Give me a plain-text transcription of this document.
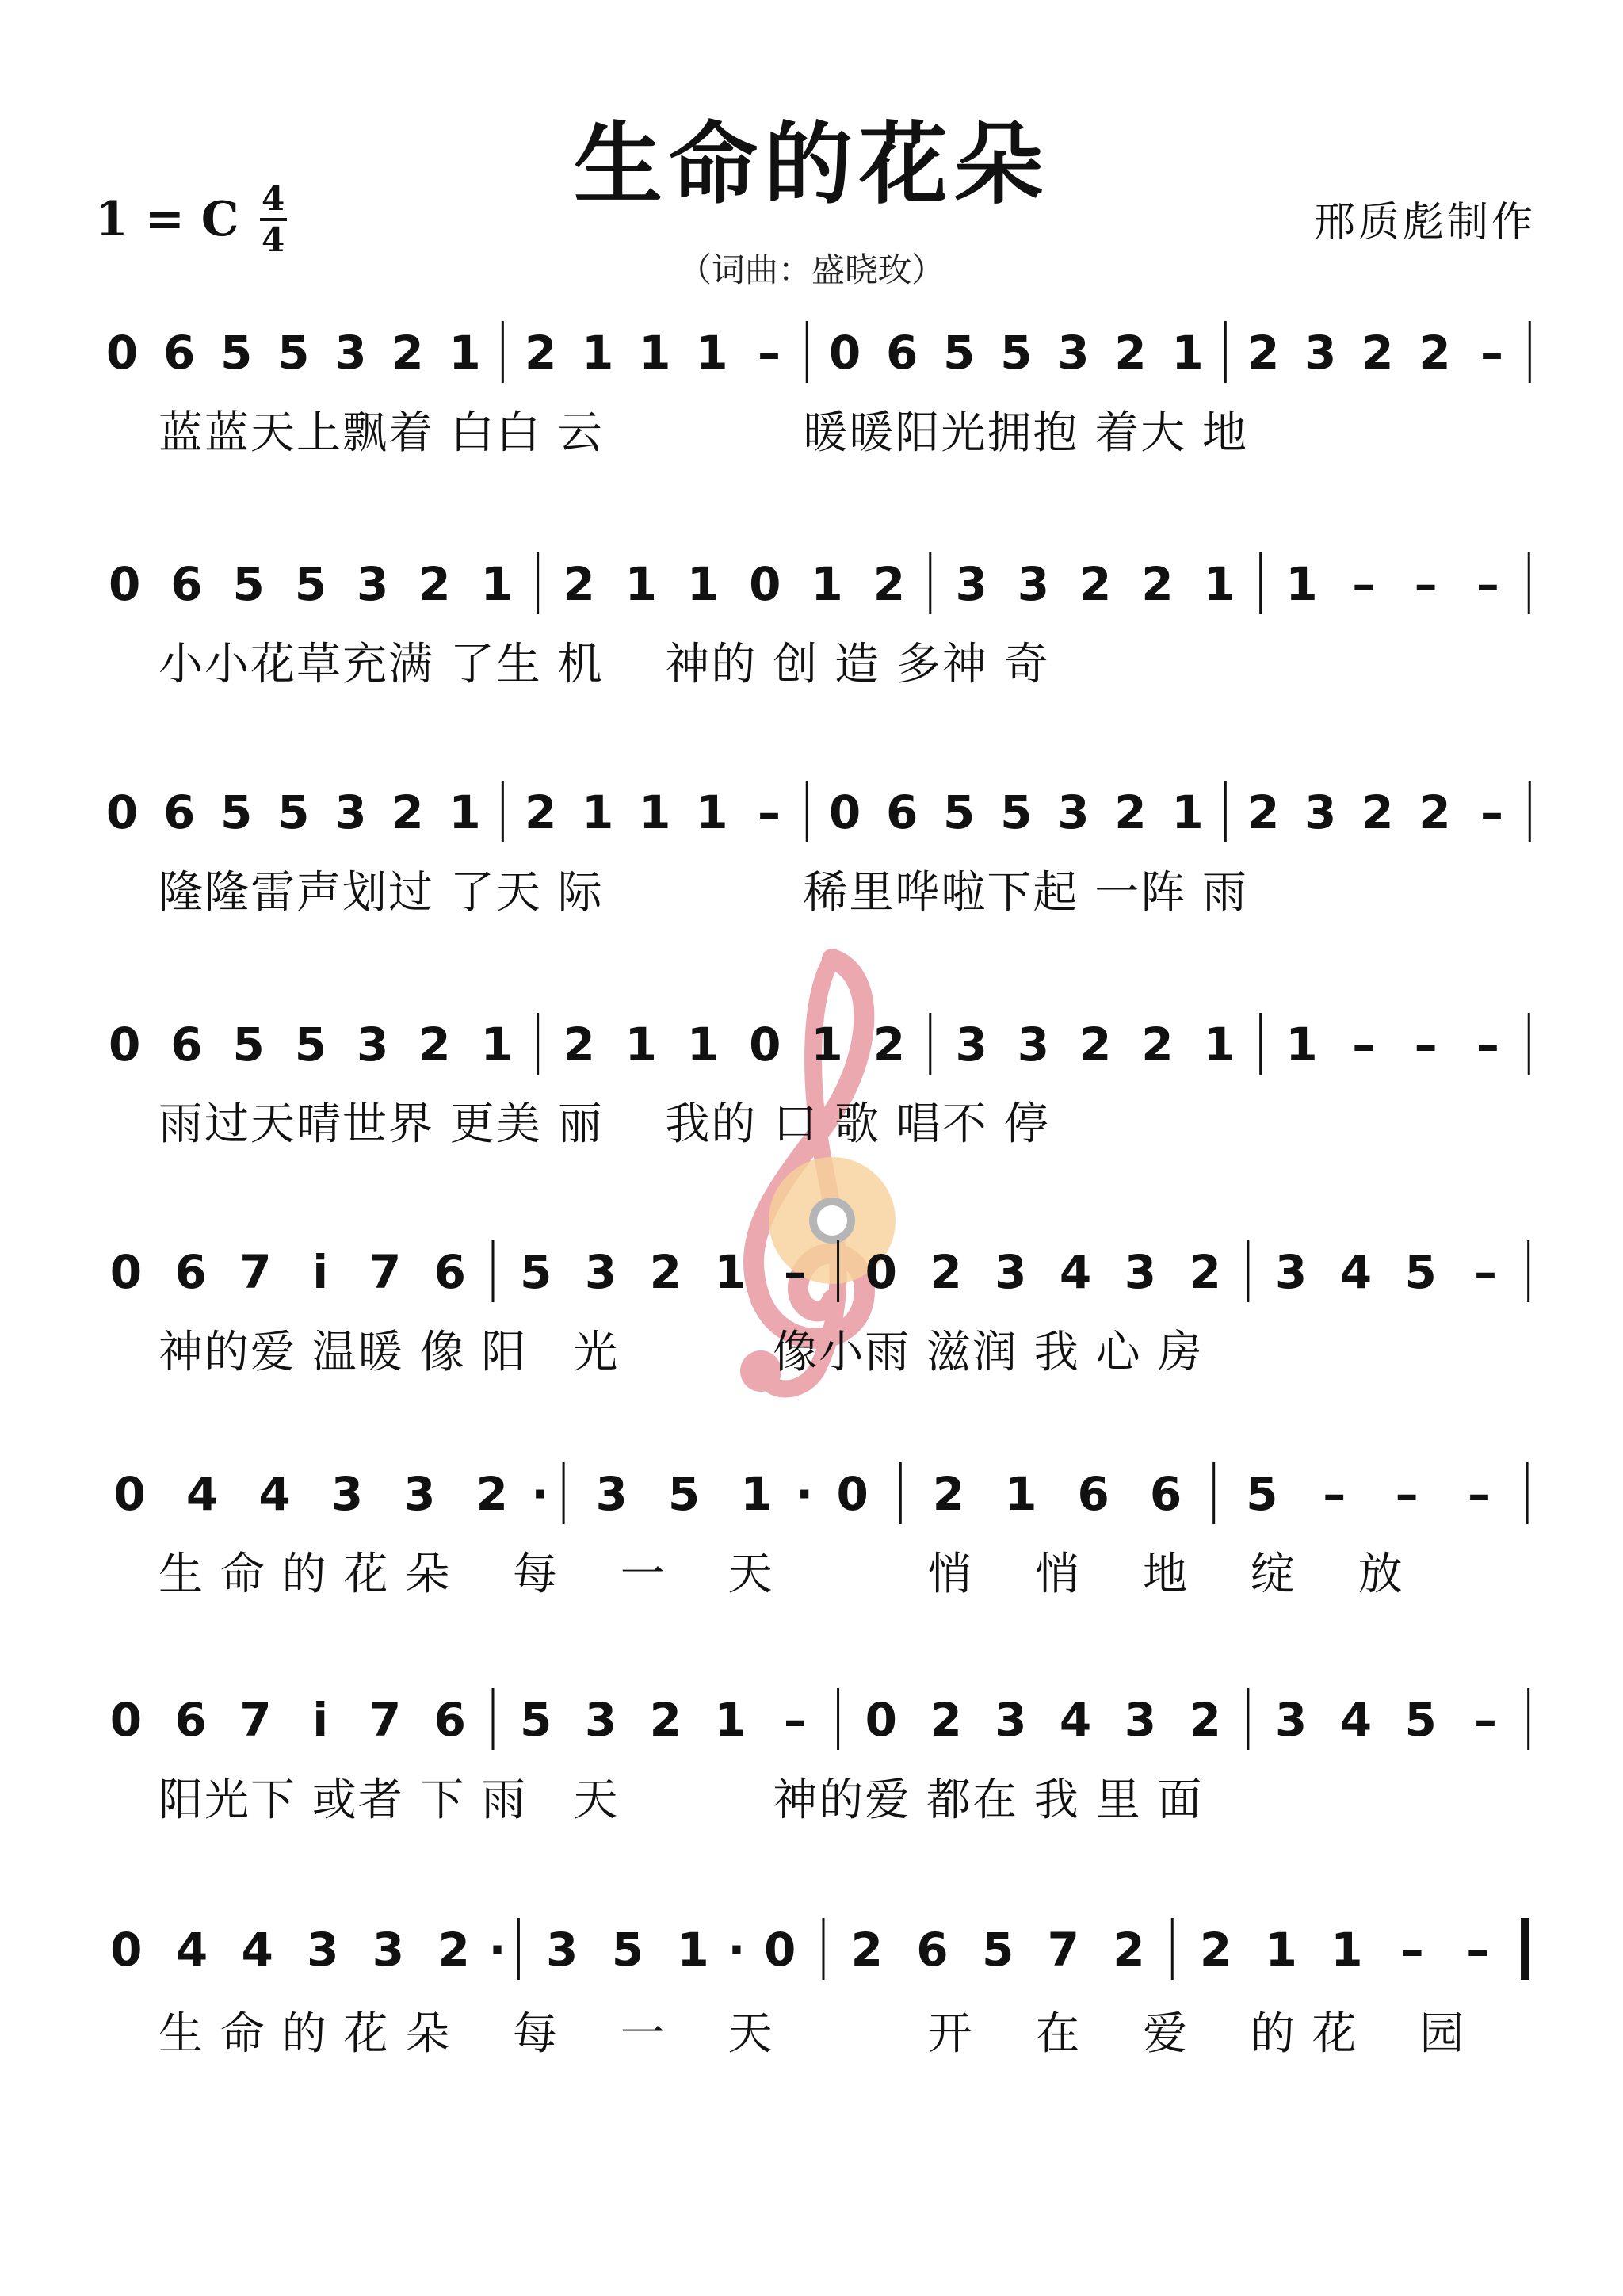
生命的花朵
1 = C 4
4	邢质彪制作
（词曲：盛晓玫）
0 6 5 5 3 2 1 2 1 1 1 – 0 6 5 5 3 2 1 2 3 2 2 –
蓝蓝天上飘着 白白 云　　　　 暖暖阳光拥抱 着大 地
0 6 5 5 3 2 1 2 1 1 0 1 2 3 3 2 2 1 1 – – –
小小花草充满 了生 机　 神的 创 造 多神 奇
0 6 5 5 3 2 1 2 1 1 1 – 0 6 5 5 3 2 1 2 3 2 2 –
隆隆雷声划过 了天 际　　　　 稀里哗啦下起 一阵 雨
0 6 5 5 3 2 1 2 1 1 0 1 2 3 3 2 2 1 1 – – –
雨过天晴世界 更美 丽　 我的 口 歌 唱不 停
0 6 7 i 7 6 5 3 2 1 – 0 2 3 4 3 2 3 4 5 –
神的爱 温暖 像 阳　光　　　 像小雨 滋润 我 心 房
0 4 4 3 3 2 · 3 5 1 · 0 2 1 6 6 5 – – –
生 命 的 花 朵　 每　 一　 天　　　 悄　 悄　 地　 绽　 放
0 6 7 i 7 6 5 3 2 1 – 0 2 3 4 3 2 3 4 5 –
阳光下 或者 下 雨　天　　　 神的爱 都在 我 里 面
0 4 4 3 3 2 · 3 5 1 · 0 2 6 5 7 2 2 1 1 – –
生 命 的 花 朵　 每　 一　 天　　　 开　 在　 爱　 的 花　 园
